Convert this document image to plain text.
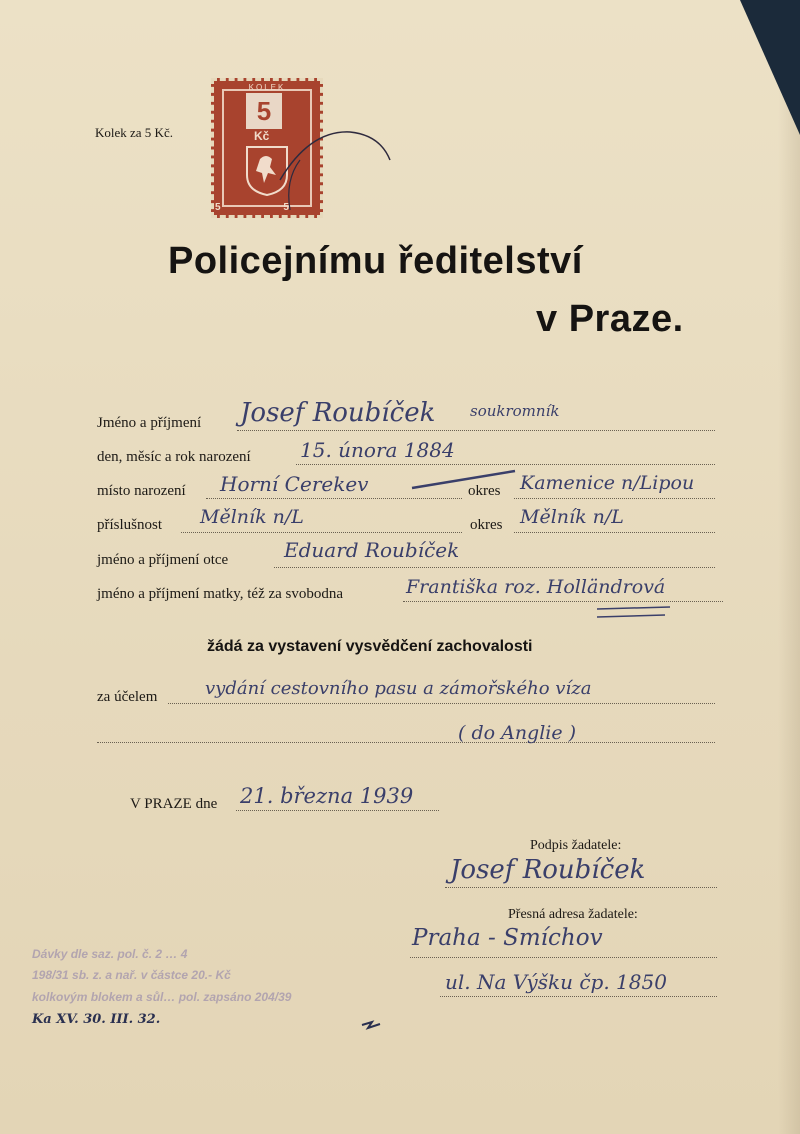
Kolek za 5 Kč.
KOLEK
5
Kč
5 5
Policejnímu ředitelství
v Praze.
Jméno a příjmení Josef Roubíček soukromník
den, měsíc a rok narození 15. února 1884
místo narození Horní Cerekev	okres Kamenice n/Lipou
příslušnost Mělník n/L	okres Mělník n/L
jméno a příjmení otce	Eduard Roubíček
jméno a příjmení matky, též za svobodna	Františka roz. Holländrová
žádá za vystavení vysvědčení zachovalosti
za účelem	vydání cestovního pasu a zámořského víza
( do Anglie )
V PRAZE dne 21. března 1939
Podpis žadatele:
Josef Roubíček
Přesná adresa žadatele:
Praha - Smíchov
ul. Na Výšku čp. 1850
Dávky dle saz. pol. č. 2 … 4
198/31 sb. z. a nař. v částce 20.- Kč
kolkovým blokem a sůl… pol. zapsáno 204/39
Ka XV. 30. III. 32.
